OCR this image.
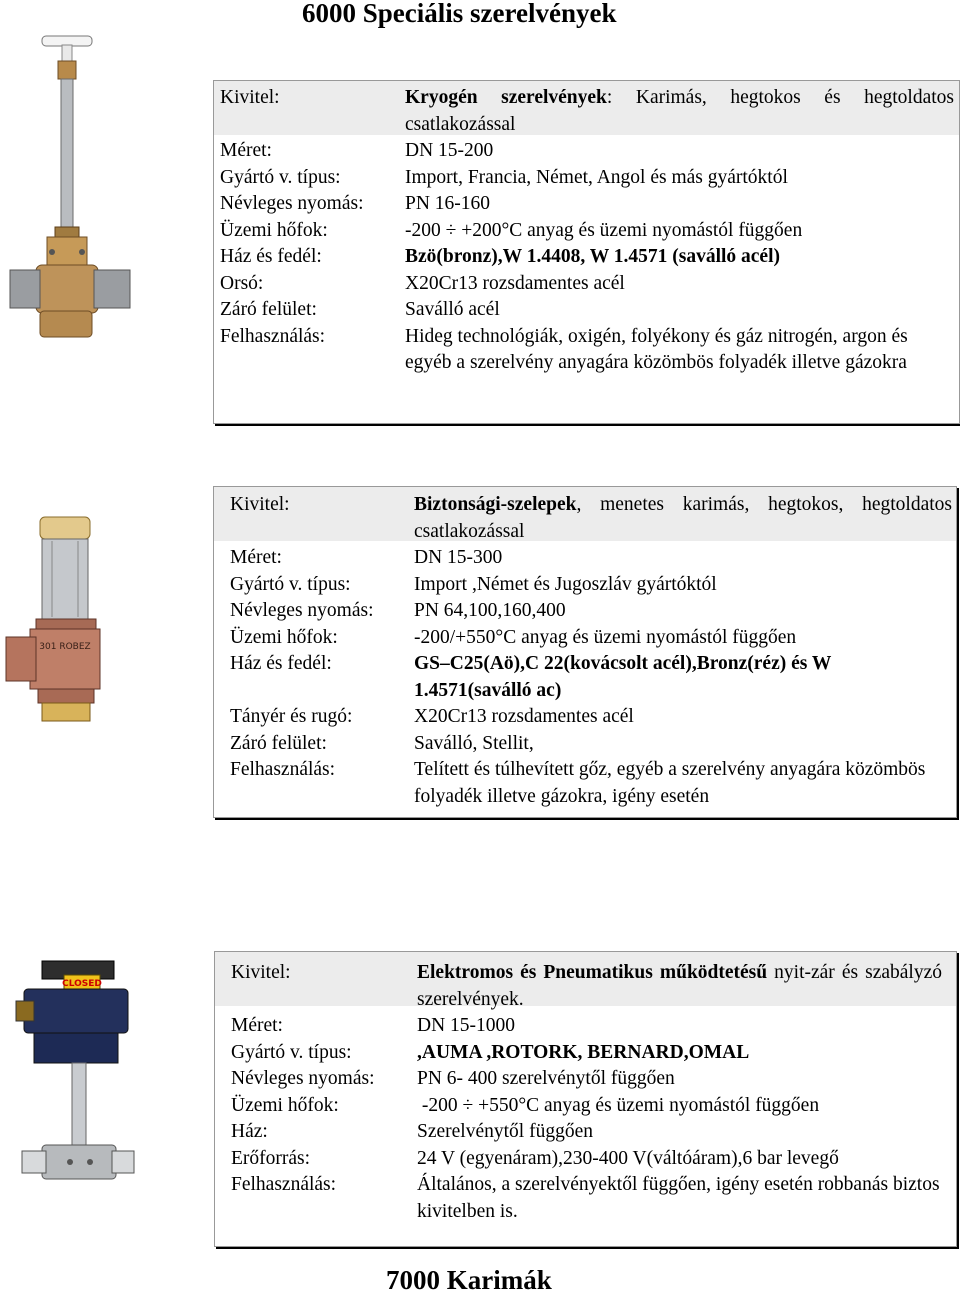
6000 Speciális szerelvények
Kivitel:	Kryogén szerelvények: Karimás, hegtokos és hegtoldatos csatlakozással
Méret:	DN 15-200
Gyártó v. típus:	Import, Francia, Német, Angol és más gyártóktól
Névleges nyomás:	PN 16-160
Üzemi hőfok:	-200 ÷ +200°C anyag és üzemi nyomástól függően
Ház és fedél:	Bzö(bronz),W 1.4408, W 1.4571 (saválló acél)
Orsó:	X20Cr13 rozsdamentes acél
Záró felület:	Saválló acél
Felhasználás:	Hideg technológiák, oxigén, folyékony és gáz nitrogén, argon és egyéb a szerelvény anyagára közömbös folyadék illetve gázokra
301 ROBEZ
Kivitel:	Biztonsági-szelepek, menetes karimás, hegtokos, hegtoldatos csatlakozással
Méret:	DN 15-300
Gyártó v. típus:	Import ,Német és Jugoszláv gyártóktól
Névleges nyomás:	PN 64,100,160,400
Üzemi hőfok:	-200/+550°C anyag és üzemi nyomástól függően
Ház és fedél:	GS–C25(Aö),C 22(kovácsolt acél),Bronz(réz) és W 1.4571(saválló ac)
Tányér és rugó:	X20Cr13 rozsdamentes acél
Záró felület:	Saválló, Stellit,
Felhasználás:	Telített és túlhevített gőz, egyéb a szerelvény anyagára közömbös folyadék illetve gázokra, igény esetén
CLOSED
Kivitel:	Elektromos és Pneumatikus működtetésű nyit-zár és szabályzó szerelvények.
Méret:	DN 15-1000
Gyártó v. típus:	,AUMA ,ROTORK, BERNARD,OMAL
Névleges nyomás:	PN 6- 400 szerelvénytől függően
Üzemi hőfok:	-200 ÷ +550°C anyag és üzemi nyomástól függően
Ház:	Szerelvénytől függően
Erőforrás:	24 V (egyenáram),230-400 V(váltóáram),6 bar levegő
Felhasználás:	Általános, a szerelvényektől függően, igény esetén robbanás biztos kivitelben is.
7000 Karimák
